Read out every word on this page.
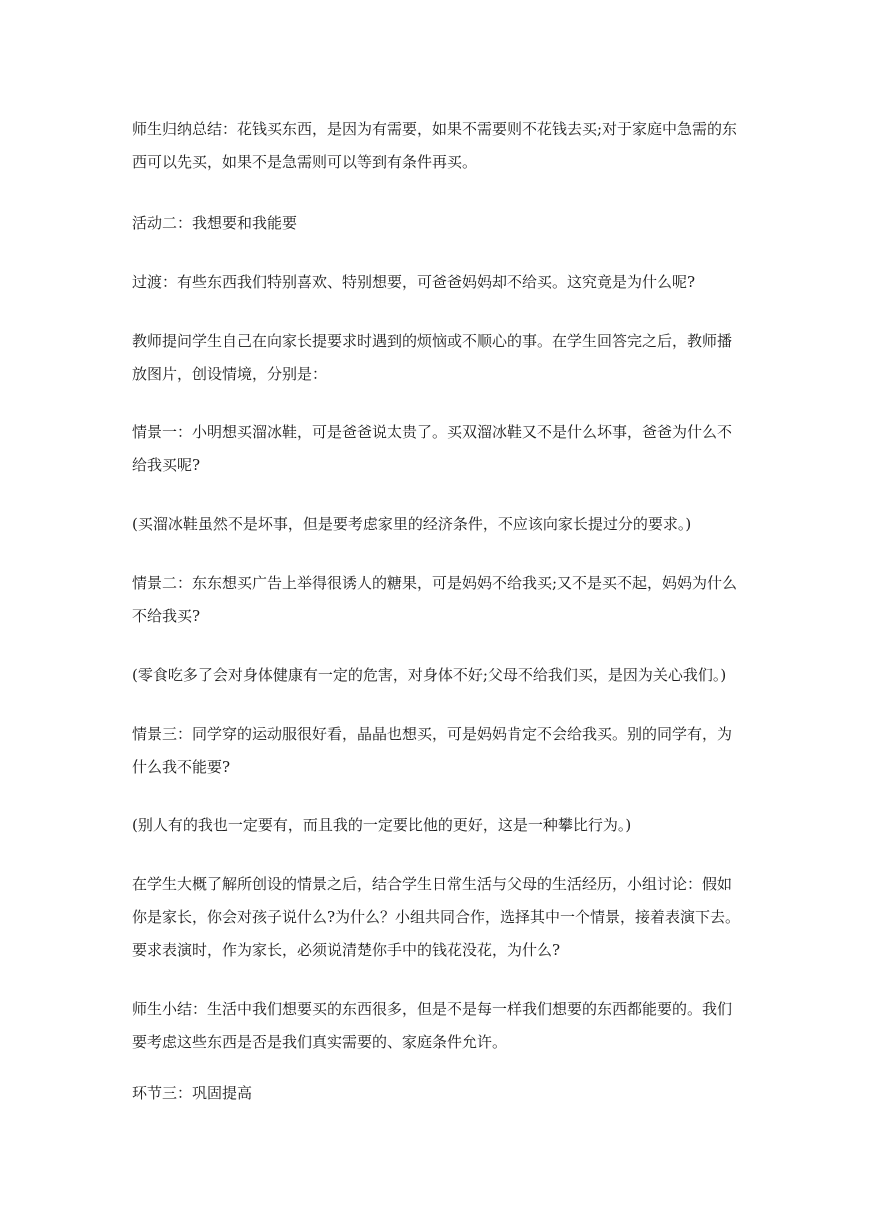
师生归纳总结：花钱买东西，是因为有需要，如果不需要则不花钱去买;对于家庭中急需的东西可以先买，如果不是急需则可以等到有条件再买。

活动二：我想要和我能要

过渡：有些东西我们特别喜欢、特别想要，可爸爸妈妈却不给买。这究竟是为什么呢?

教师提问学生自己在向家长提要求时遇到的烦恼或不顺心的事。在学生回答完之后，教师播放图片，创设情境，分别是：

情景一：小明想买溜冰鞋，可是爸爸说太贵了。买双溜冰鞋又不是什么坏事，爸爸为什么不给我买呢?

(买溜冰鞋虽然不是坏事，但是要考虑家里的经济条件，不应该向家长提过分的要求。)

情景二：东东想买广告上举得很诱人的糖果，可是妈妈不给我买;又不是买不起，妈妈为什么不给我买?

(零食吃多了会对身体健康有一定的危害，对身体不好;父母不给我们买，是因为关心我们。)

情景三：同学穿的运动服很好看，晶晶也想买，可是妈妈肯定不会给我买。别的同学有，为什么我不能要?

(别人有的我也一定要有，而且我的一定要比他的更好，这是一种攀比行为。)

在学生大概了解所创设的情景之后，结合学生日常生活与父母的生活经历，小组讨论：假如你是家长，你会对孩子说什么?为什么？小组共同合作，选择其中一个情景，接着表演下去。要求表演时，作为家长，必须说清楚你手中的钱花没花，为什么?

师生小结：生活中我们想要买的东西很多，但是不是每一样我们想要的东西都能要的。我们要考虑这些东西是否是我们真实需要的、家庭条件允许。

环节三：巩固提高
